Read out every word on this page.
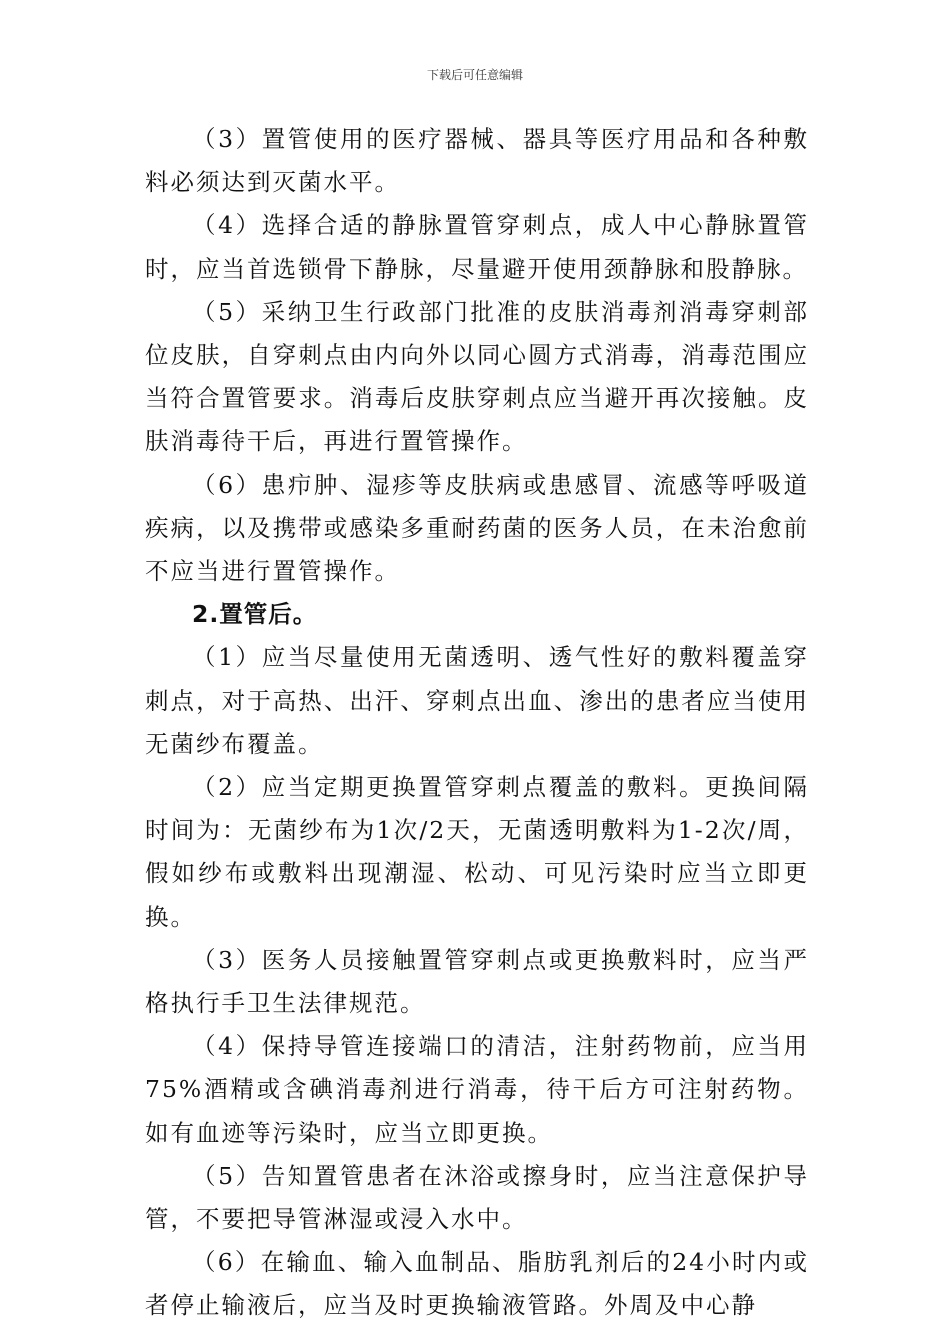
下载后可任意编辑

（3）置管使用的医疗器械、器具等医疗用品和各种敷料必须达到灭菌水平。

（4）选择合适的静脉置管穿刺点，成人中心静脉置管时，应当首选锁骨下静脉，尽量避开使用颈静脉和股静脉。

（5）采纳卫生行政部门批准的皮肤消毒剂消毒穿刺部位皮肤，自穿刺点由内向外以同心圆方式消毒，消毒范围应当符合置管要求。消毒后皮肤穿刺点应当避开再次接触。皮肤消毒待干后，再进行置管操作。

（6）患疖肿、湿疹等皮肤病或患感冒、流感等呼吸道疾病，以及携带或感染多重耐药菌的医务人员，在未治愈前不应当进行置管操作。

2.置管后。

（1）应当尽量使用无菌透明、透气性好的敷料覆盖穿刺点，对于高热、出汗、穿刺点出血、渗出的患者应当使用无菌纱布覆盖。

（2）应当定期更换置管穿刺点覆盖的敷料。更换间隔时间为：无菌纱布为1次/2天，无菌透明敷料为1-2次/周，假如纱布或敷料出现潮湿、松动、可见污染时应当立即更换。

（3）医务人员接触置管穿刺点或更换敷料时，应当严格执行手卫生法律规范。

（4）保持导管连接端口的清洁，注射药物前，应当用75%酒精或含碘消毒剂进行消毒，待干后方可注射药物。如有血迹等污染时，应当立即更换。

（5）告知置管患者在沐浴或擦身时，应当注意保护导管，不要把导管淋湿或浸入水中。

（6）在输血、输入血制品、脂肪乳剂后的24小时内或者停止输液后，应当及时更换输液管路。外周及中心静
